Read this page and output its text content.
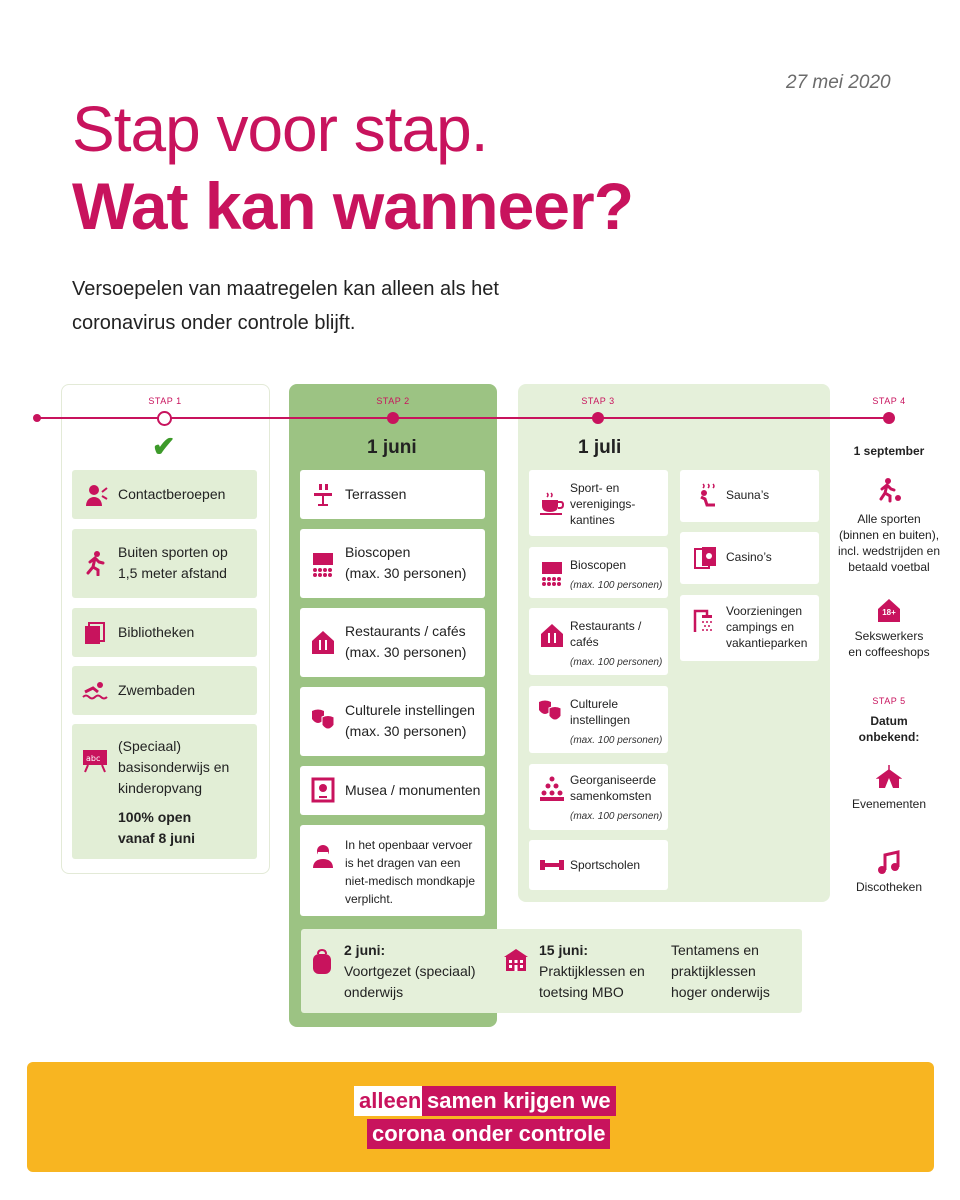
27 mei 2020
Stap voor stap.
Wat kan wanneer?
Versoepelen van maatregelen kan alleen als het coronavirus onder controle blijft.
STAP 1	STAP 2	STAP 3	STAP 4
✔	1 juni	1 juli
Contactberoepen
Buiten sporten op
1,5 meter afstand
Bibliotheken
Zwembaden
abc
(Speciaal)
basisonderwijs en
kinderopvang
100% open
vanaf 8 juni
Terrassen
Bioscopen
(max. 30 personen)
Restaurants / cafés
(max. 30 personen)
Culturele instellingen
(max. 30 personen)
Musea / monumenten
In het openbaar vervoer
is het dragen van een
niet-medisch mondkapje
verplicht.
Sport- en
verenigings-
kantines
Bioscopen
(max. 100 personen)
Restaurants /
cafés
(max. 100 personen)
Culturele
instellingen
(max. 100 personen)
Georganiseerde
samenkomsten
(max. 100 personen)
Sportscholen
Sauna’s
Casino’s
Voorzieningen
campings en
vakantieparken
1 september
Alle sporten
(binnen en buiten),
incl. wedstrijden en
betaald voetbal
18+
Sekswerkers
en coffeeshops
STAP 5
Datum
onbekend:
Evenementen
Discotheken
2 juni:
Voortgezet (speciaal)
onderwijs
15 juni:
Praktijklessen en
toetsing MBO
Tentamens en
praktijklessen
hoger onderwijs
alleen samen krijgen we
corona onder controle
